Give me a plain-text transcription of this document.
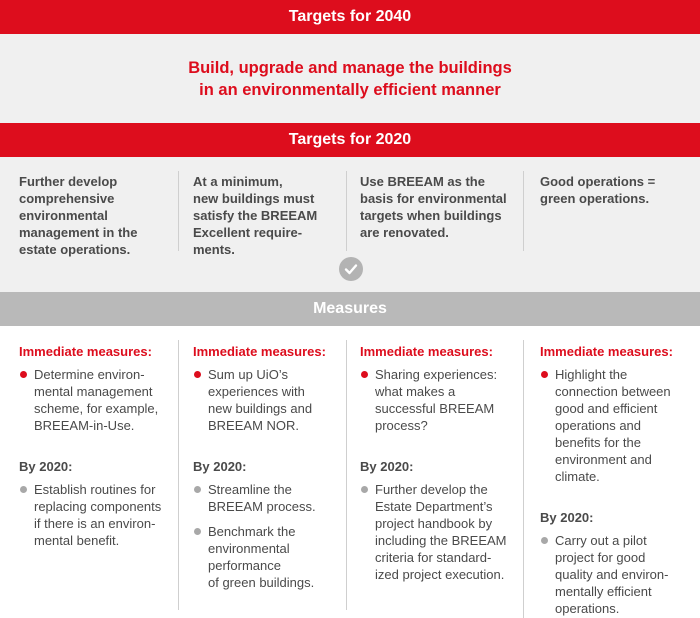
Targets for 2040
Build, upgrade and manage the buildings
in an environmentally efficient manner
Targets for 2020
Further develop
comprehensive
environmental
management in the
estate operations.
At a minimum,
new buildings must
satisfy the BREEAM
Excellent require-
ments.
Use BREEAM as the
basis for environmental
targets when buildings
are renovated.
Good operations =
green operations.
Measures
Immediate measures:
Determine environ-
mental management
scheme, for example,
BREEAM-in-Use.
By 2020:
Establish routines for
replacing components
if there is an environ-
mental benefit.
Immediate measures:
Sum up UiO’s
experiences with
new buildings and
BREEAM NOR.
By 2020:
Streamline the
BREEAM process.
Benchmark the
environmental
performance
of green buildings.
Immediate measures:
Sharing experiences:
what makes a
successful BREEAM
process?
By 2020:
Further develop the
Estate Department’s
project handbook by
including the BREEAM
criteria for standard-
ized project execution.
Immediate measures:
Highlight the
connection between
good and efficient
operations and
benefits for the
environment and
climate.
By 2020:
Carry out a pilot
project for good
quality and environ-
mentally efficient
operations.
